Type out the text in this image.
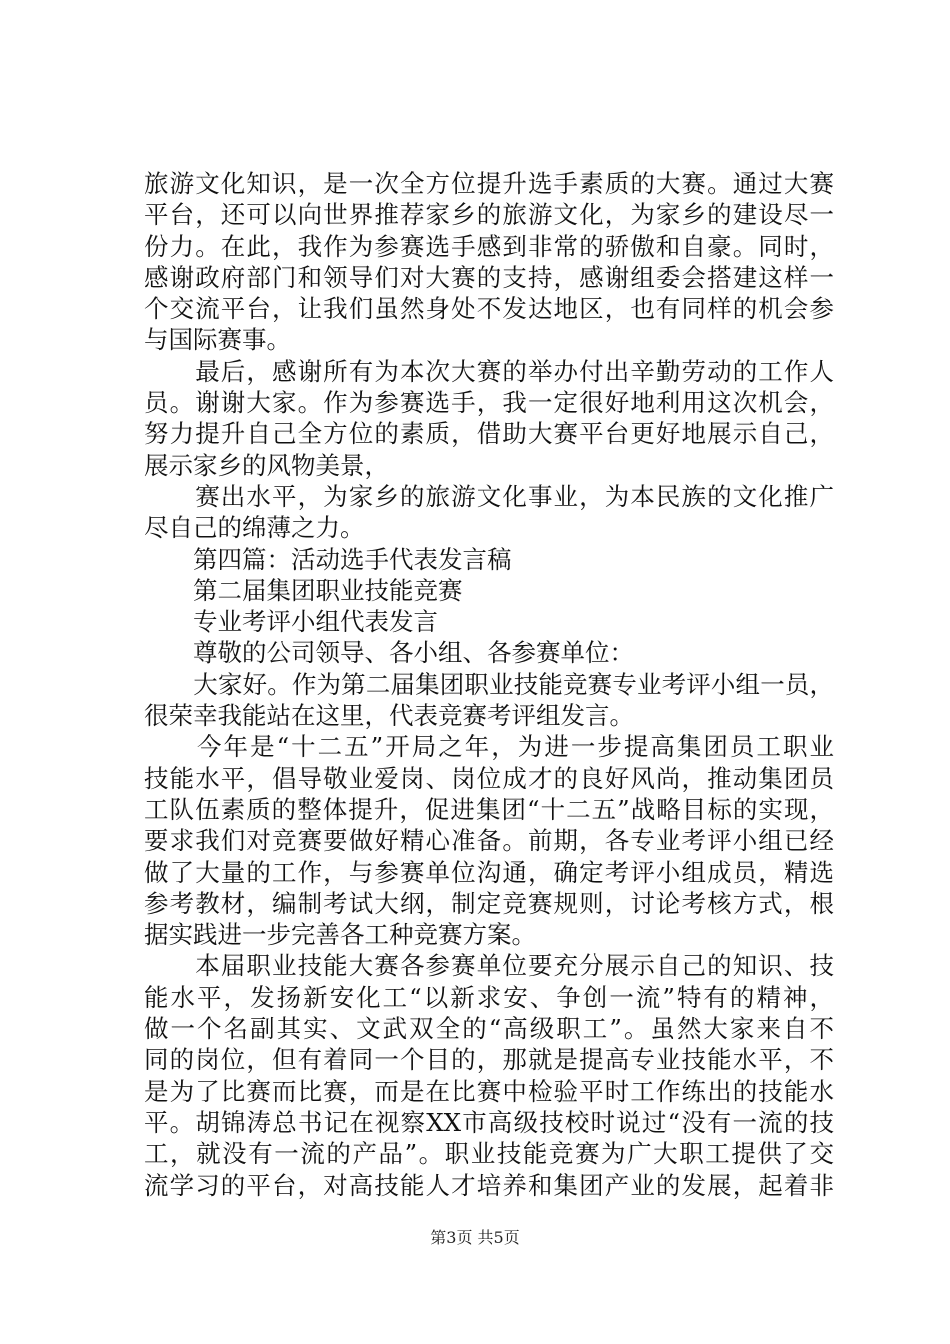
旅游文化知识，是一次全方位提升选手素质的大赛。通过大赛
平台，还可以向世界推荐家乡的旅游文化，为家乡的建设尽一
份力。在此，我作为参赛选手感到非常的骄傲和自豪。同时，
感谢政府部门和领导们对大赛的支持，感谢组委会搭建这样一
个交流平台，让我们虽然身处不发达地区，也有同样的机会参
与国际赛事。
　　最后，感谢所有为本次大赛的举办付出辛勤劳动的工作人
员。谢谢大家。作为参赛选手，我一定很好地利用这次机会，
努力提升自己全方位的素质，借助大赛平台更好地展示自己，
展示家乡的风物美景，
　　赛出水平，为家乡的旅游文化事业，为本民族的文化推广
尽自己的绵薄之力。
　　第四篇：活动选手代表发言稿
　　第二届集团职业技能竞赛
　　专业考评小组代表发言
　　尊敬的公司领导、各小组、各参赛单位：
　　大家好。作为第二届集团职业技能竞赛专业考评小组一员，
很荣幸我能站在这里，代表竞赛考评组发言。
　　今年是“十二五”开局之年，为进一步提高集团员工职业
技能水平，倡导敬业爱岗、岗位成才的良好风尚，推动集团员
工队伍素质的整体提升，促进集团“十二五”战略目标的实现，
要求我们对竞赛要做好精心准备。前期，各专业考评小组已经
做了大量的工作，与参赛单位沟通，确定考评小组成员，精选
参考教材，编制考试大纲，制定竞赛规则，讨论考核方式，根
据实践进一步完善各工种竞赛方案。
　　本届职业技能大赛各参赛单位要充分展示自己的知识、技
能水平，发扬新安化工“以新求安、争创一流”特有的精神，
做一个名副其实、文武双全的“高级职工”。虽然大家来自不
同的岗位，但有着同一个目的，那就是提高专业技能水平，不
是为了比赛而比赛，而是在比赛中检验平时工作练出的技能水
平。胡锦涛总书记在视察XX市高级技校时说过“没有一流的技
工，就没有一流的产品”。职业技能竞赛为广大职工提供了交
流学习的平台，对高技能人才培养和集团产业的发展，起着非
第3页 共5页
